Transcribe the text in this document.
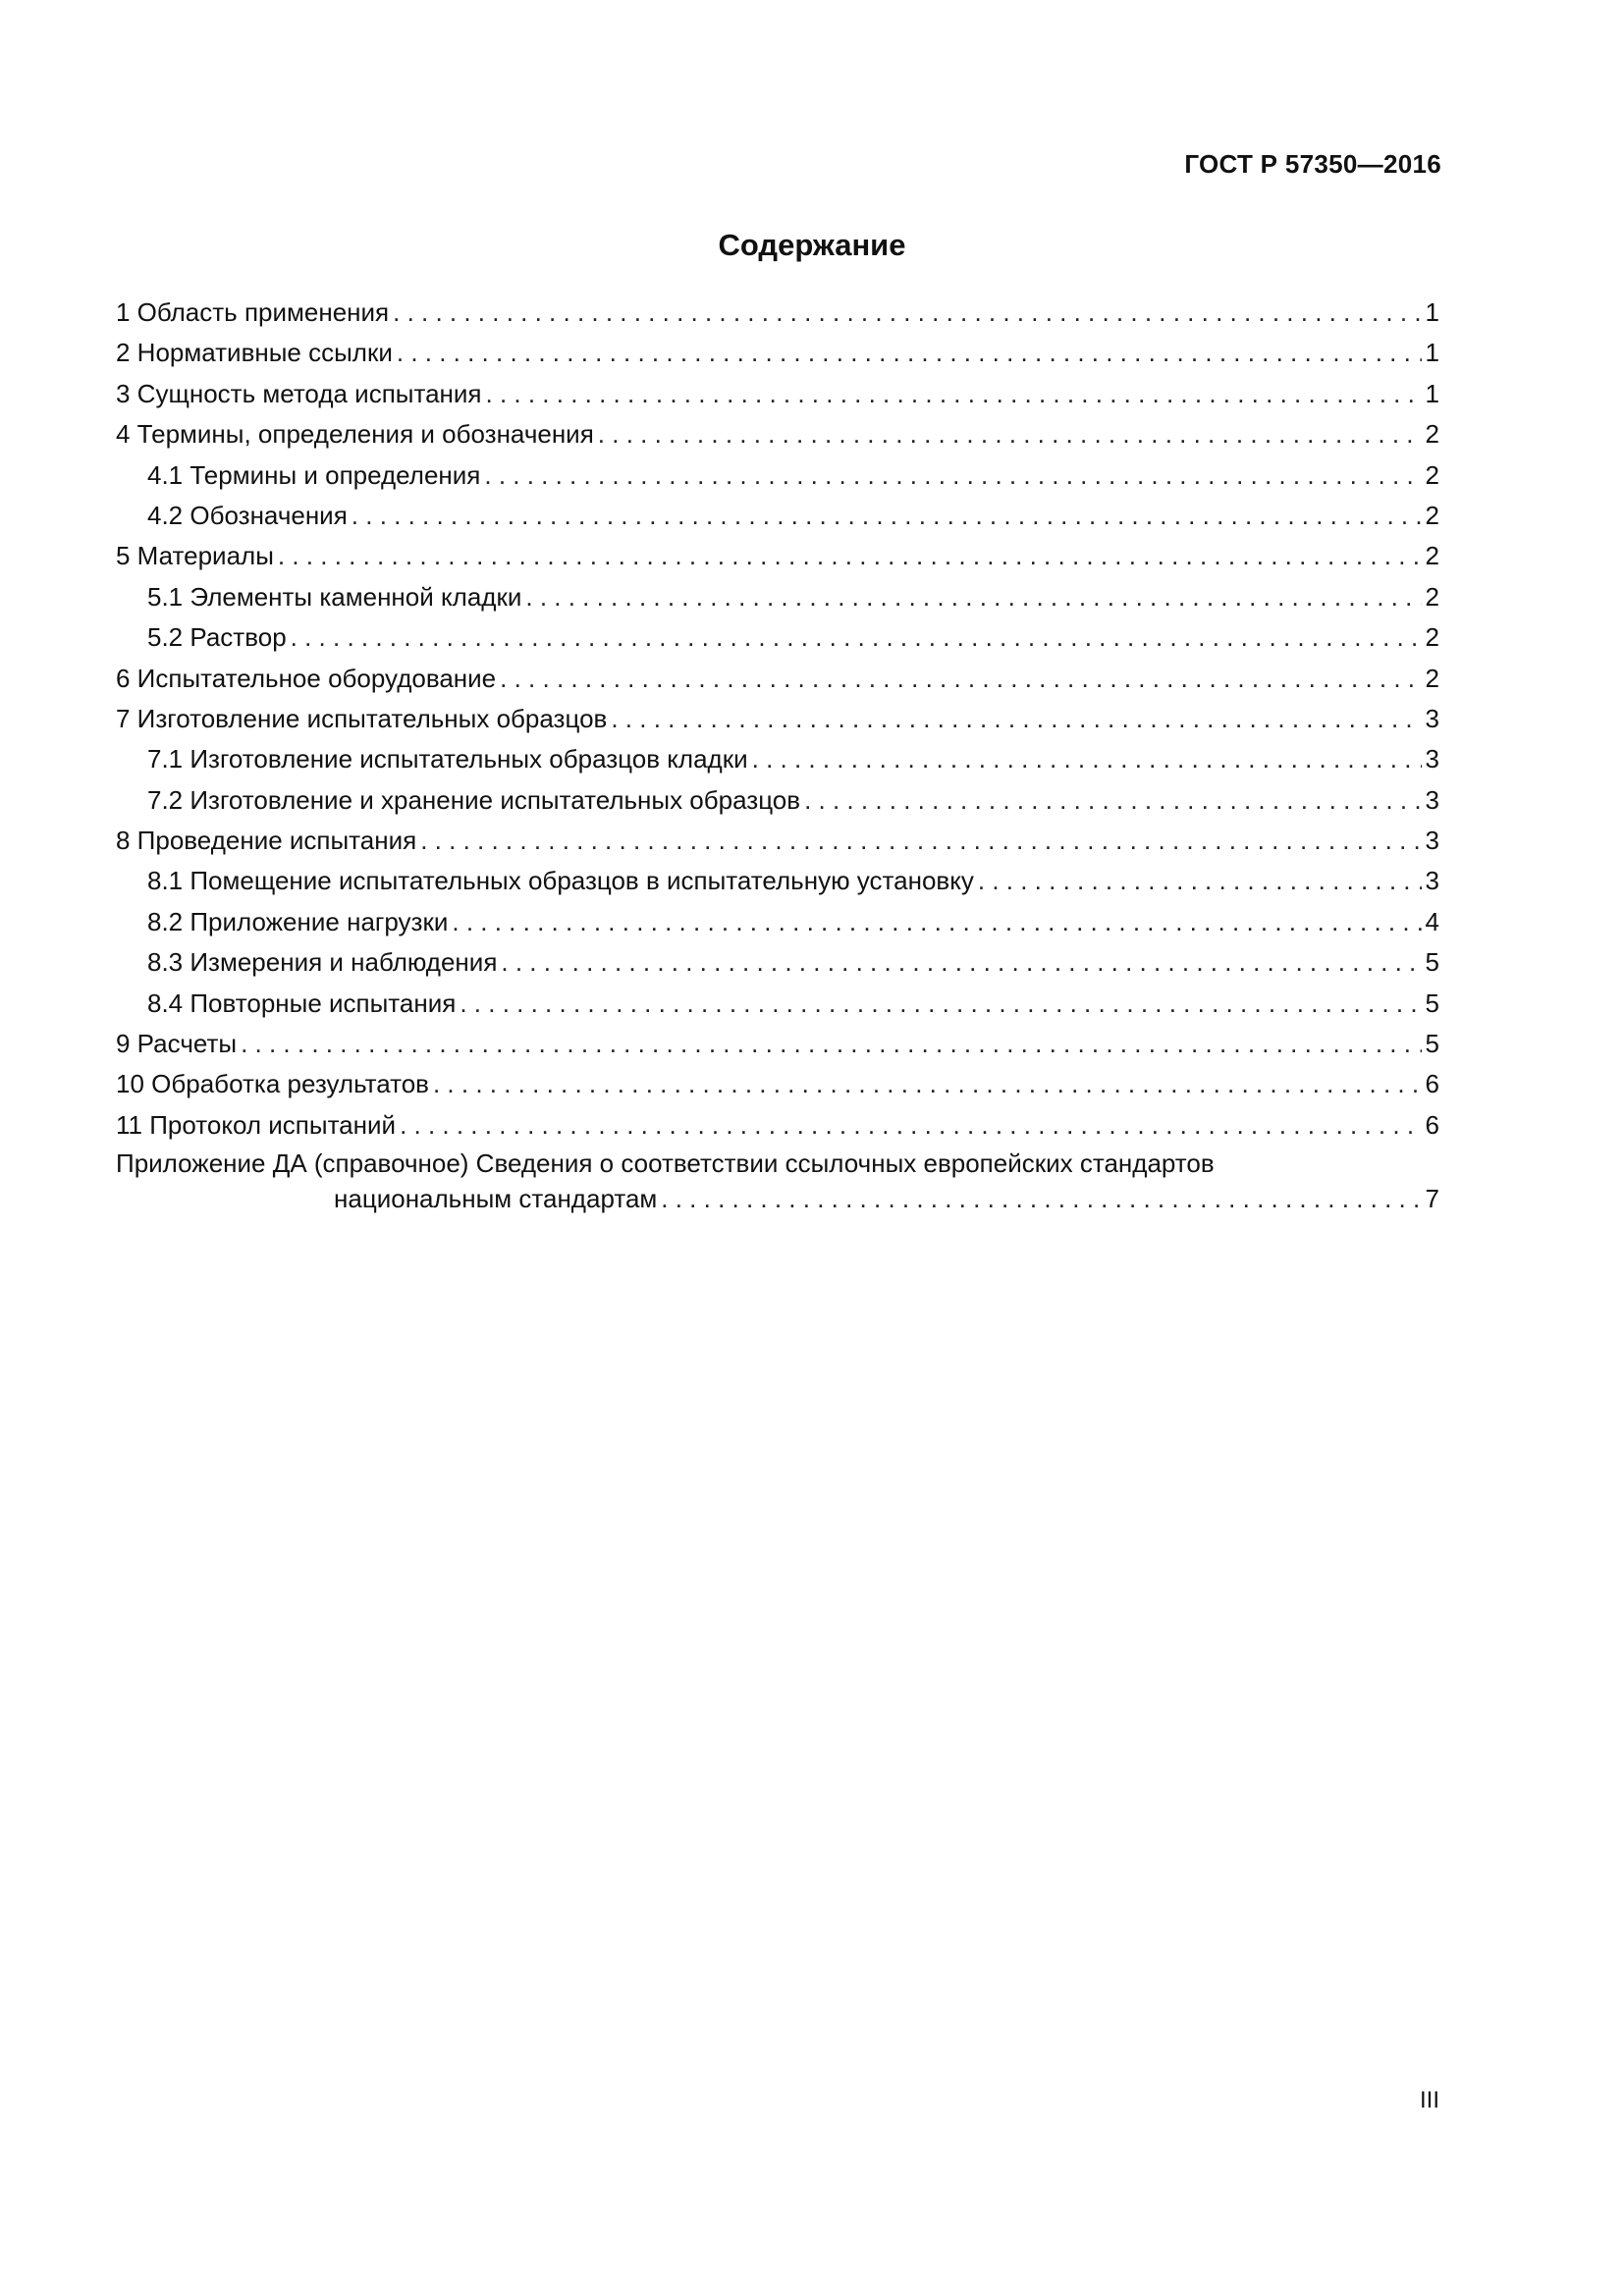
ГОСТ Р 57350—2016
Содержание
1 Область применения . . .	1
2 Нормативные ссылки . . .	1
3 Сущность метода испытания . . .	1
4 Термины, определения и обозначения . . .	2
4.1 Термины и определения . . .	2
4.2 Обозначения . . .	2
5 Материалы . . .	2
5.1 Элементы каменной кладки . . .	2
5.2 Раствор . . .	2
6 Испытательное оборудование . . .	2
7 Изготовление испытательных образцов . . .	3
7.1 Изготовление испытательных образцов кладки . . .	3
7.2 Изготовление и хранение испытательных образцов . . .	3
8 Проведение испытания . . .	3
8.1 Помещение испытательных образцов в испытательную установку . . .	3
8.2 Приложение нагрузки . . .	4
8.3 Измерения и наблюдения . . .	5
8.4 Повторные испытания . . .	5
9 Расчеты . . .	5
10 Обработка результатов . . .	6
11 Протокол испытаний . . .	6
Приложение ДА (справочное) Сведения о соответствии ссылочных европейских стандартов
национальным стандартам . . .	7
III
